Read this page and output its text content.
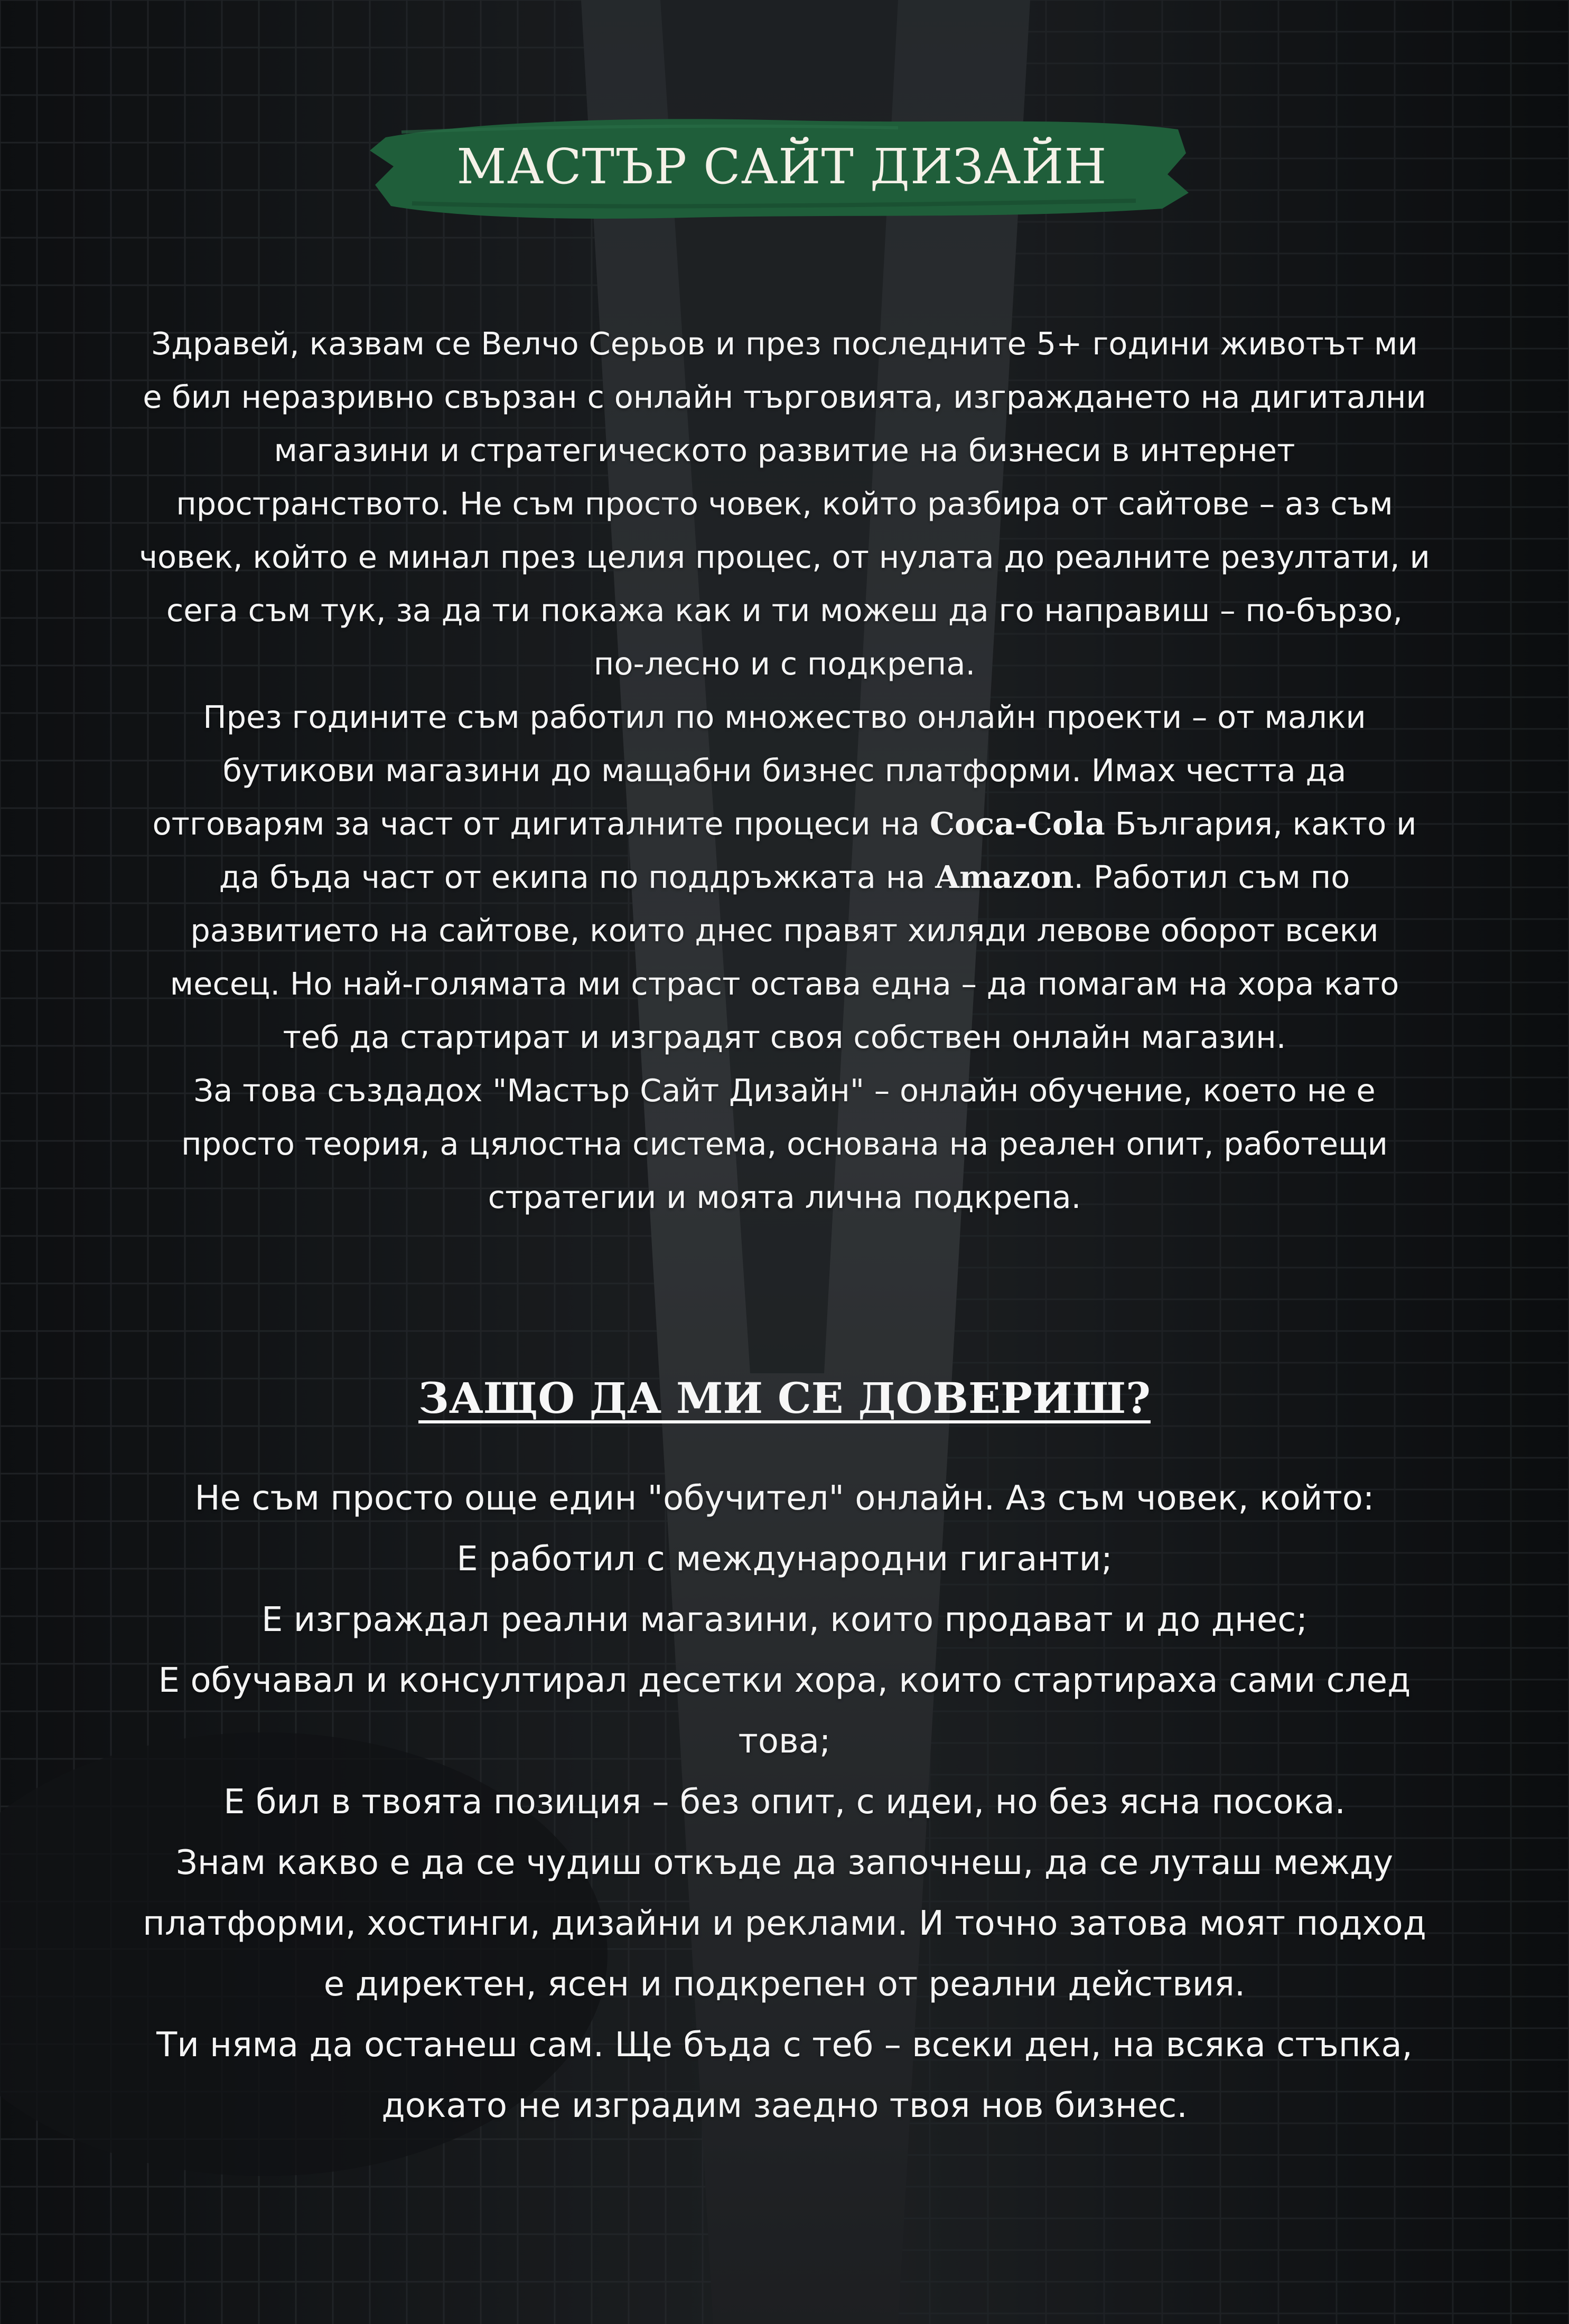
МАСТЪР САЙТ ДИЗАЙН

Здравей, казвам се Велчо Серьов и през последните 5+ години животът ми е бил неразривно свързан с онлайн търговията, изграждането на дигитални магазини и стратегическото развитие на бизнеси в интернет пространството. Не съм просто човек, който разбира от сайтове – аз съм човек, който е минал през целия процес, от нулата до реалните резултати, и сега съм тук, за да ти покажа как и ти можеш да го направиш – по-бързо, по-лесно и с подкрепа.

През годините съм работил по множество онлайн проекти – от малки бутикови магазини до мащабни бизнес платформи. Имах честта да отговарям за част от дигиталните процеси на Coca-Cola България, както и да бъда част от екипа по поддръжката на Amazon. Работил съм по развитието на сайтове, които днес правят хиляди левове оборот всеки месец. Но най-голямата ми страст остава една – да помагам на хора като теб да стартират и изградят своя собствен онлайн магазин.

За това създадох "Мастър Сайт Дизайн" – онлайн обучение, което не е просто теория, а цялостна система, основана на реален опит, работещи стратегии и моята лична подкрепа.

ЗАЩО ДА МИ СЕ ДОВЕРИШ?

Не съм просто още един "обучител" онлайн. Аз съм човек, който:

Е работил с международни гиганти;

Е изграждал реални магазини, които продават и до днес;

Е обучавал и консултирал десетки хора, които стартираха сами след това;

Е бил в твоята позиция – без опит, с идеи, но без ясна посока.

Знам какво е да се чудиш откъде да започнеш, да се луташ между платформи, хостинги, дизайни и реклами. И точно затова моят подход е директен, ясен и подкрепен от реални действия.

Ти няма да останеш сам. Ще бъда с теб – всеки ден, на всяка стъпка, докато не изградим заедно твоя нов бизнес.
